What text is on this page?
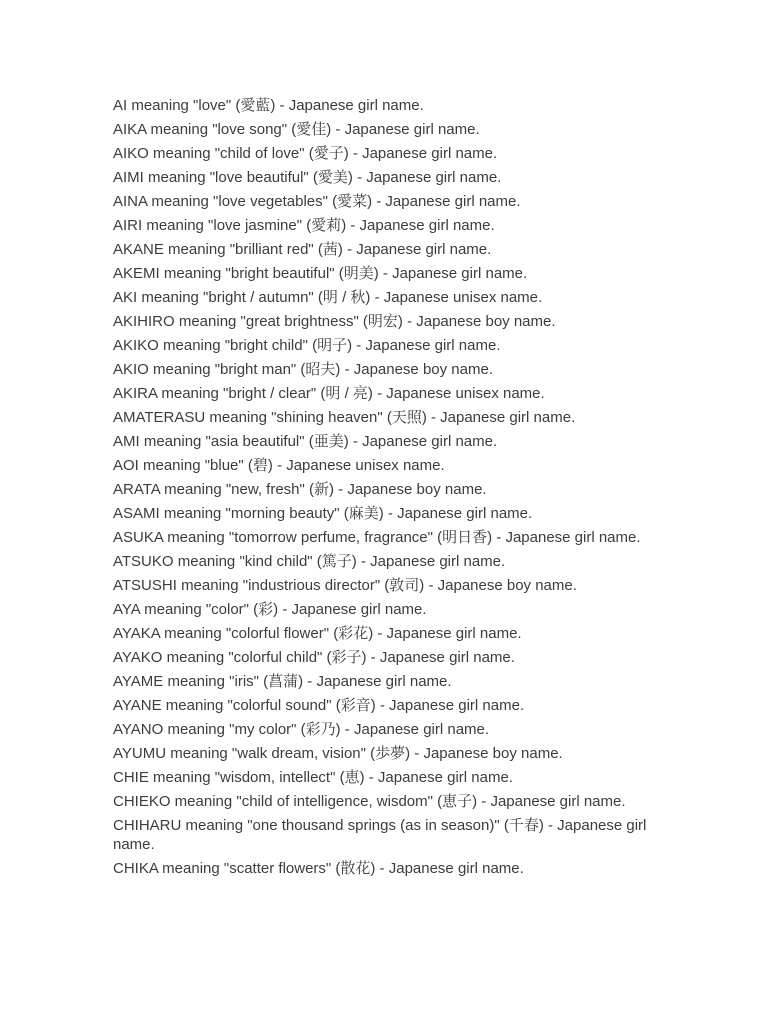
AI meaning "love" (愛藍) - Japanese girl name.
AIKA meaning "love song" (愛佳) - Japanese girl name.
AIKO meaning "child of love" (愛子) - Japanese girl name.
AIMI meaning "love beautiful" (愛美) - Japanese girl name.
AINA meaning "love vegetables" (愛菜) - Japanese girl name.
AIRI meaning "love jasmine" (愛莉) - Japanese girl name.
AKANE meaning "brilliant red" (茜) - Japanese girl name.
AKEMI meaning "bright beautiful" (明美) - Japanese girl name.
AKI meaning "bright / autumn" (明 / 秋) - Japanese unisex name.
AKIHIRO meaning "great brightness" (明宏) - Japanese boy name.
AKIKO meaning "bright child" (明子) - Japanese girl name.
AKIO meaning "bright man" (昭夫) - Japanese boy name.
AKIRA meaning "bright / clear" (明 / 亮) - Japanese unisex name.
AMATERASU meaning "shining heaven" (天照) - Japanese girl name.
AMI meaning "asia beautiful" (亜美) - Japanese girl name.
AOI meaning "blue" (碧) - Japanese unisex name.
ARATA meaning "new, fresh" (新) - Japanese boy name.
ASAMI meaning "morning beauty" (麻美) - Japanese girl name.
ASUKA meaning "tomorrow perfume, fragrance" (明日香) - Japanese girl name.
ATSUKO meaning "kind child" (篤子) - Japanese girl name.
ATSUSHI meaning "industrious director" (敦司) - Japanese boy name.
AYA meaning "color" (彩) - Japanese girl name.
AYAKA meaning "colorful flower" (彩花) - Japanese girl name.
AYAKO meaning "colorful child" (彩子) - Japanese girl name.
AYAME meaning "iris" (菖蒲) - Japanese girl name.
AYANE meaning "colorful sound" (彩音) - Japanese girl name.
AYANO meaning "my color" (彩乃) - Japanese girl name.
AYUMU meaning "walk dream, vision" (歩夢) - Japanese boy name.
CHIE meaning "wisdom, intellect" (恵) - Japanese girl name.
CHIEKO meaning "child of intelligence, wisdom" (恵子) - Japanese girl name.
CHIHARU meaning "one thousand springs (as in season)" (千春) - Japanese girl name.
CHIKA meaning "scatter flowers" (散花) - Japanese girl name.
